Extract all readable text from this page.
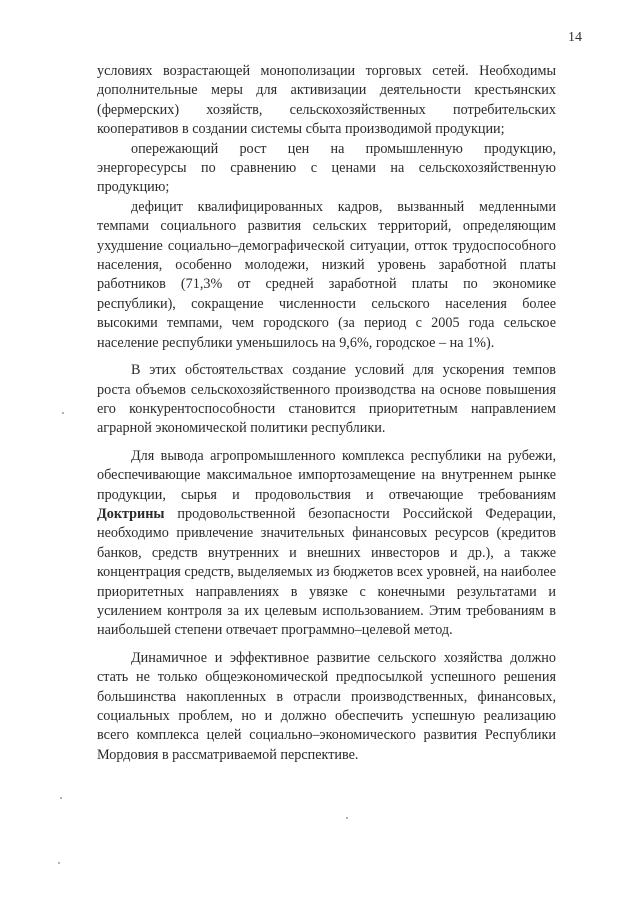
14

условиях возрастающей монополизации торговых сетей. Необходимы дополнительные меры для активизации деятельности крестьянских (фермерских) хозяйств, сельскохозяйственных потребительских кооперативов в создании системы сбыта производимой продукции;

опережающий рост цен на промышленную продукцию, энергоресурсы по сравнению с ценами на сельскохозяйственную продукцию;

дефицит квалифицированных кадров, вызванный медленными темпами социального развития сельских территорий, определяющим ухудшение социально–демографической ситуации, отток трудоспособного населения, особенно молодежи, низкий уровень заработной платы работников (71,3% от средней заработной платы по экономике республики), сокращение численности сельского населения более высокими темпами, чем городского (за период с 2005 года сельское население республики уменьшилось на 9,6%, городское – на 1%).

В этих обстоятельствах создание условий для ускорения темпов роста объемов сельскохозяйственного производства на основе повышения его конкурентоспособности становится приоритетным направлением аграрной экономической политики республики.

Для вывода агропромышленного комплекса республики на рубежи, обеспечивающие максимальное импортозамещение на внутреннем рынке продукции, сырья и продовольствия и отвечающие требованиям Доктрины продовольственной безопасности Российской Федерации, необходимо привлечение значительных финансовых ресурсов (кредитов банков, средств внутренних и внешних инвесторов и др.), а также концентрация средств, выделяемых из бюджетов всех уровней, на наиболее приоритетных направлениях в увязке с конечными результатами и усилением контроля за их целевым использованием. Этим требованиям в наибольшей степени отвечает программно–целевой метод.

Динамичное и эффективное развитие сельского хозяйства должно стать не только общеэкономической предпосылкой успешного решения большинства накопленных в отрасли производственных, финансовых, социальных проблем, но и должно обеспечить успешную реализацию всего комплекса целей социально–экономического развития Республики Мордовия в рассматриваемой перспективе.
